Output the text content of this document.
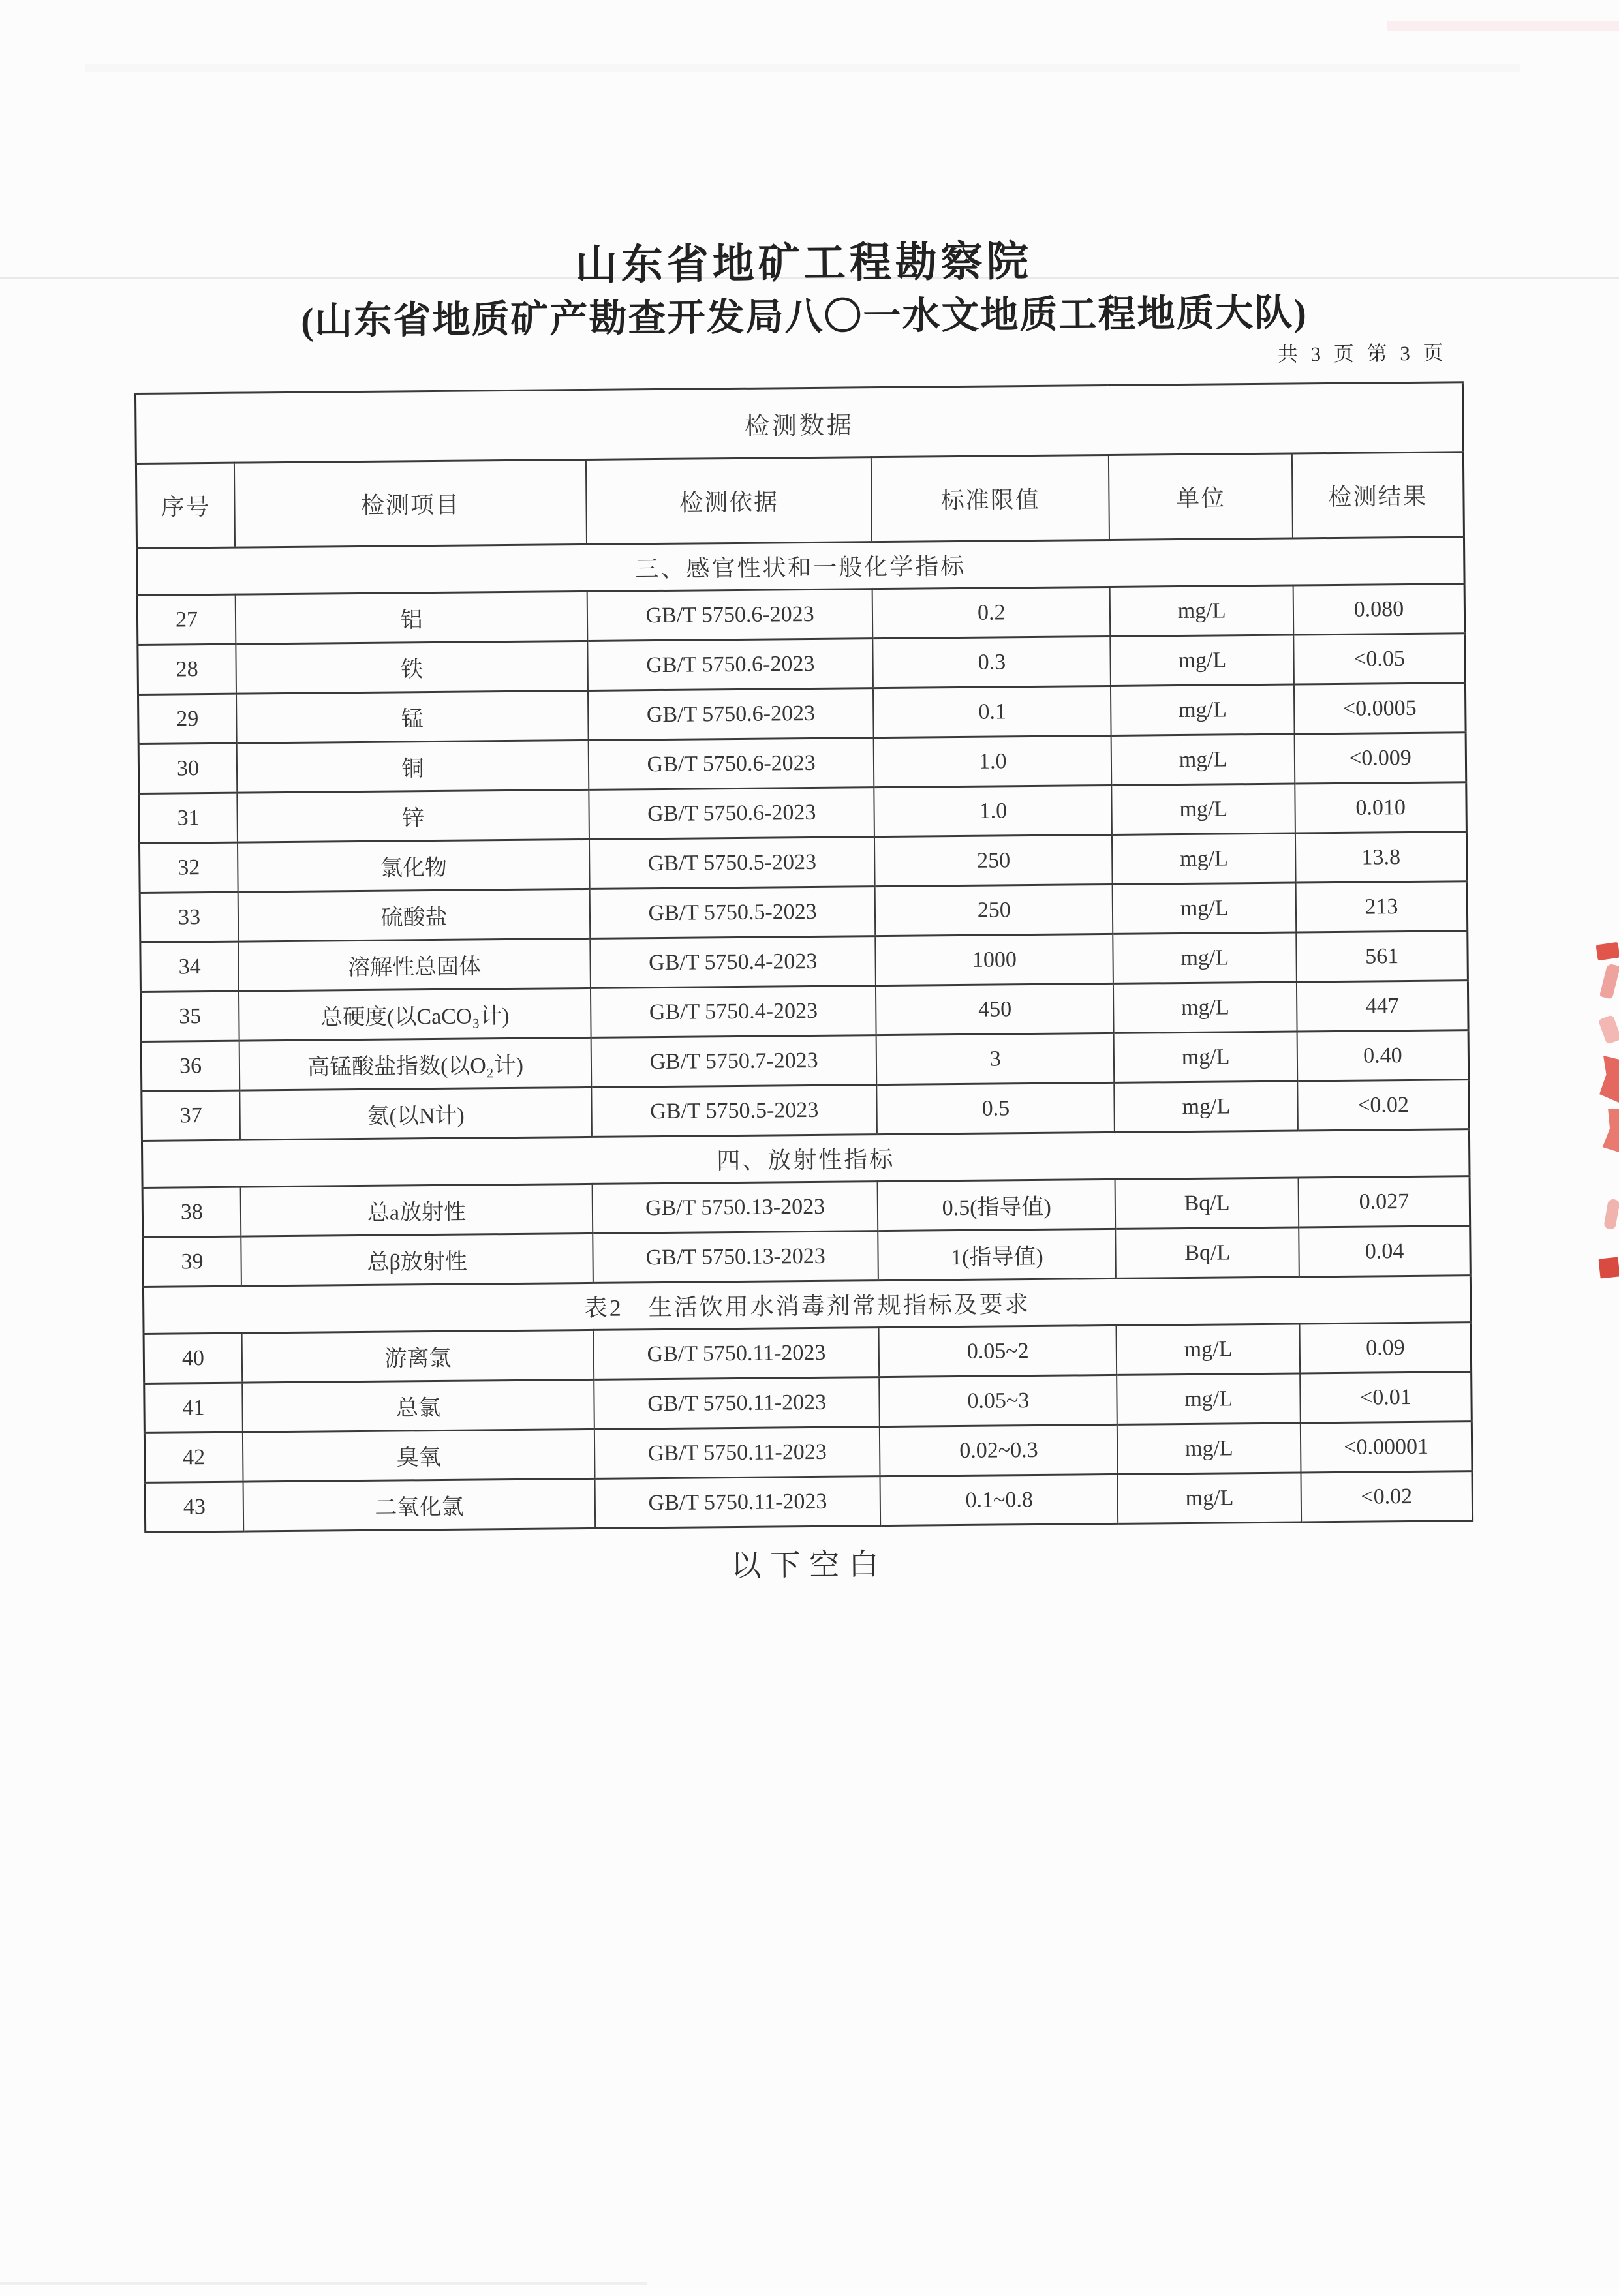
山东省地矿工程勘察院
(山东省地质矿产勘查开发局八〇一水文地质工程地质大队)
共 3 页 第 3 页
检测数据					
序号	检测项目	检测依据	标准限值	单位	检测结果
三、感官性状和一般化学指标					
27	铝	GB/T 5750.6-2023	0.2	mg/L	0.080
28	铁	GB/T 5750.6-2023	0.3	mg/L	<0.05
29	锰	GB/T 5750.6-2023	0.1	mg/L	<0.0005
30	铜	GB/T 5750.6-2023	1.0	mg/L	<0.009
31	锌	GB/T 5750.6-2023	1.0	mg/L	0.010
32	氯化物	GB/T 5750.5-2023	250	mg/L	13.8
33	硫酸盐	GB/T 5750.5-2023	250	mg/L	213
34	溶解性总固体	GB/T 5750.4-2023	1000	mg/L	561
35	总硬度(以CaCO₃计)	GB/T 5750.4-2023	450	mg/L	447
36	高锰酸盐指数(以O₂计)	GB/T 5750.7-2023	3	mg/L	0.40
37	氨(以N计)	GB/T 5750.5-2023	0.5	mg/L	<0.02
四、放射性指标					
38	总a放射性	GB/T 5750.13-2023	0.5(指导值)	Bq/L	0.027
39	总β放射性	GB/T 5750.13-2023	1(指导值)	Bq/L	0.04
表2　生活饮用水消毒剂常规指标及要求					
40	游离氯	GB/T 5750.11-2023	0.05~2	mg/L	0.09
41	总氯	GB/T 5750.11-2023	0.05~3	mg/L	<0.01
42	臭氧	GB/T 5750.11-2023	0.02~0.3	mg/L	<0.00001
43	二氧化氯	GB/T 5750.11-2023	0.1~0.8	mg/L	<0.02
以下空白
